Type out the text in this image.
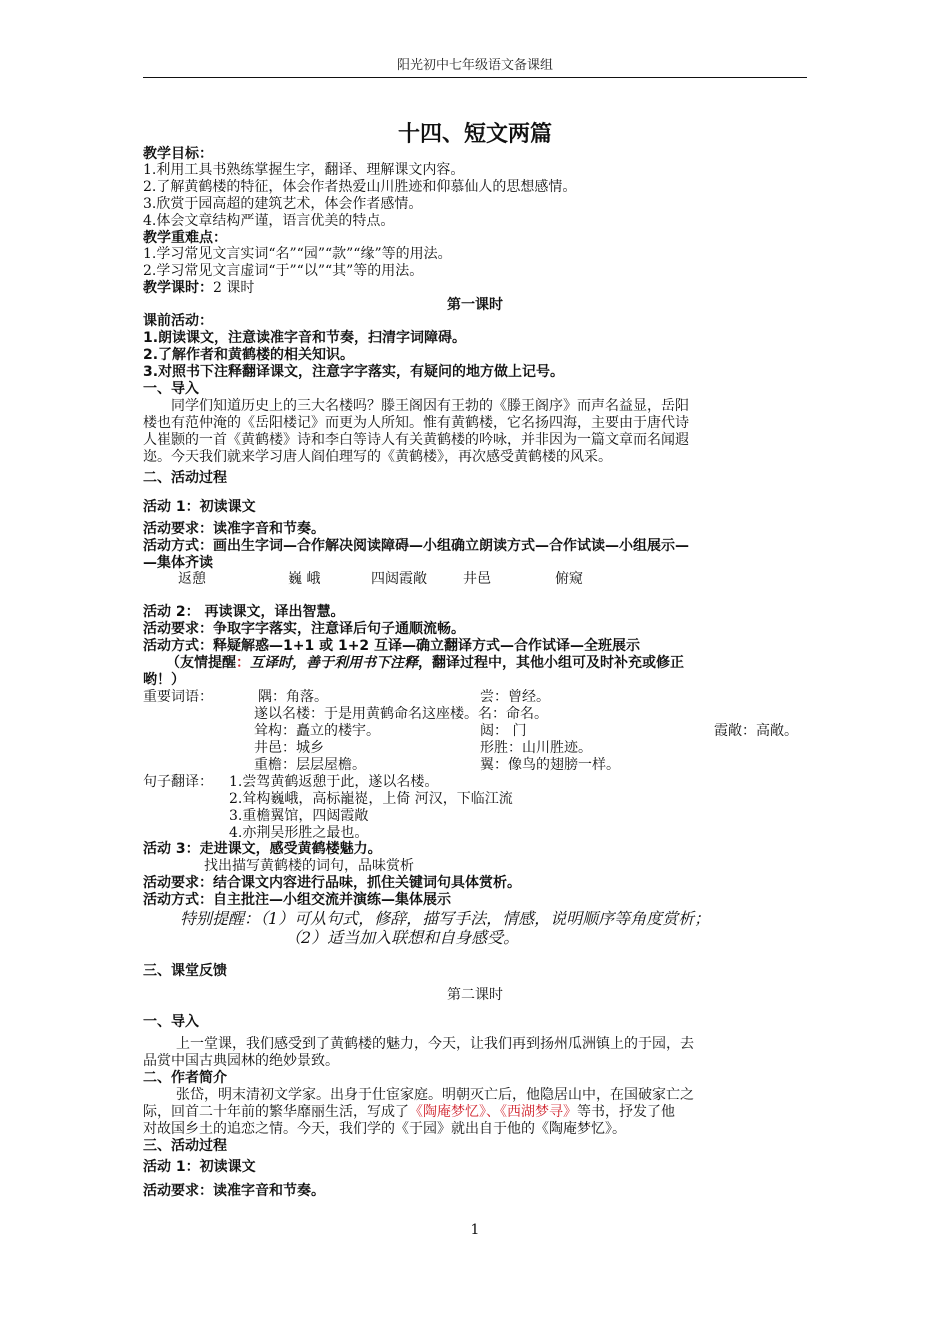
阳光初中七年级语文备课组
十四、短文两篇
教学目标：
1.利用工具书熟练掌握生字，翻译、理解课文内容。
2.了解黄鹤楼的特征，体会作者热爱山川胜迹和仰慕仙人的思想感情。
3.欣赏于园高超的建筑艺术，体会作者感情。
4.体会文章结构严谨，语言优美的特点。
教学重难点：
1.学习常见文言实词“名”“园”“款”“缘”等的用法。
2.学习常见文言虚词“于”“以”“其”等的用法。
教学课时：2 课时
第一课时
课前活动：
1.朗读课文，注意读准字音和节奏，扫清字词障碍。
2.了解作者和黄鹤楼的相关知识。
3.对照书下注释翻译课文，注意字字落实，有疑问的地方做上记号。
一、导入
同学们知道历史上的三大名楼吗？滕王阁因有王勃的《滕王阁序》而声名益显，岳阳
楼也有范仲淹的《岳阳楼记》而更为人所知。惟有黄鹤楼，它名扬四海，主要由于唐代诗
人崔颢的一首《黄鹤楼》诗和李白等诗人有关黄鹤楼的吟咏，并非因为一篇文章而名闻遐
迩。今天我们就来学习唐人阎伯理写的《黄鹤楼》，再次感受黄鹤楼的风采。
二、活动过程
活动 1：初读课文
活动要求：读准字音和节奏。
活动方式：画出生字词—合作解决阅读障碍—小组确立朗读方式—合作试读—小组展示—
—集体齐读
返憩	巍 峨	四闼霞敞	井邑	俯窥
活动 2： 再读课文，译出智慧。
活动要求：争取字字落实，注意译后句子通顺流畅。
活动方式：释疑解惑—1+1 或 1+2 互译—确立翻译方式—合作试译—全班展示
（友情提醒：互译时，善于利用书下注释，翻译过程中，其他小组可及时补充或修正
哟！）
重要词语：	隅：角落。	尝：曾经。
遂以名楼：于是用黄鹤命名这座楼。名：命名。
耸构：矗立的楼宇。	闼： 门	霞敞：高敞。
井邑：城乡	形胜：山川胜迹。
重檐：层层屋檐。	翼：像鸟的翅膀一样。
句子翻译： 1.尝驾黄鹤返憩于此，遂以名楼。
2.耸构巍峨，高标巃嵸，上倚 河汉，下临江流
3.重檐翼馆，四闼霞敞
4.亦荆吴形胜之最也。
活动 3：走进课文，感受黄鹤楼魅力。
找出描写黄鹤楼的词句，品味赏析
活动要求：结合课文内容进行品味，抓住关键词句具体赏析。
活动方式：自主批注—小组交流并演练—集体展示
特别提醒：（1）可从句式，修辞，描写手法，情感，说明顺序等角度赏析；
（2）适当加入联想和自身感受。
三、课堂反馈
第二课时
一、导入
上一堂课，我们感受到了黄鹤楼的魅力，今天，让我们再到扬州瓜洲镇上的于园，去
品赏中国古典园林的绝妙景致。
二、作者简介
张岱，明末清初文学家。出身于仕宦家庭。明朝灭亡后，他隐居山中，在国破家亡之
际，回首二十年前的繁华靡丽生活，写成了《陶庵梦忆》、《西湖梦寻》等书，抒发了他
对故国乡土的追恋之情。今天，我们学的《于园》就出自于他的《陶庵梦忆》。
三、活动过程
活动 1：初读课文
活动要求：读准字音和节奏。
1
